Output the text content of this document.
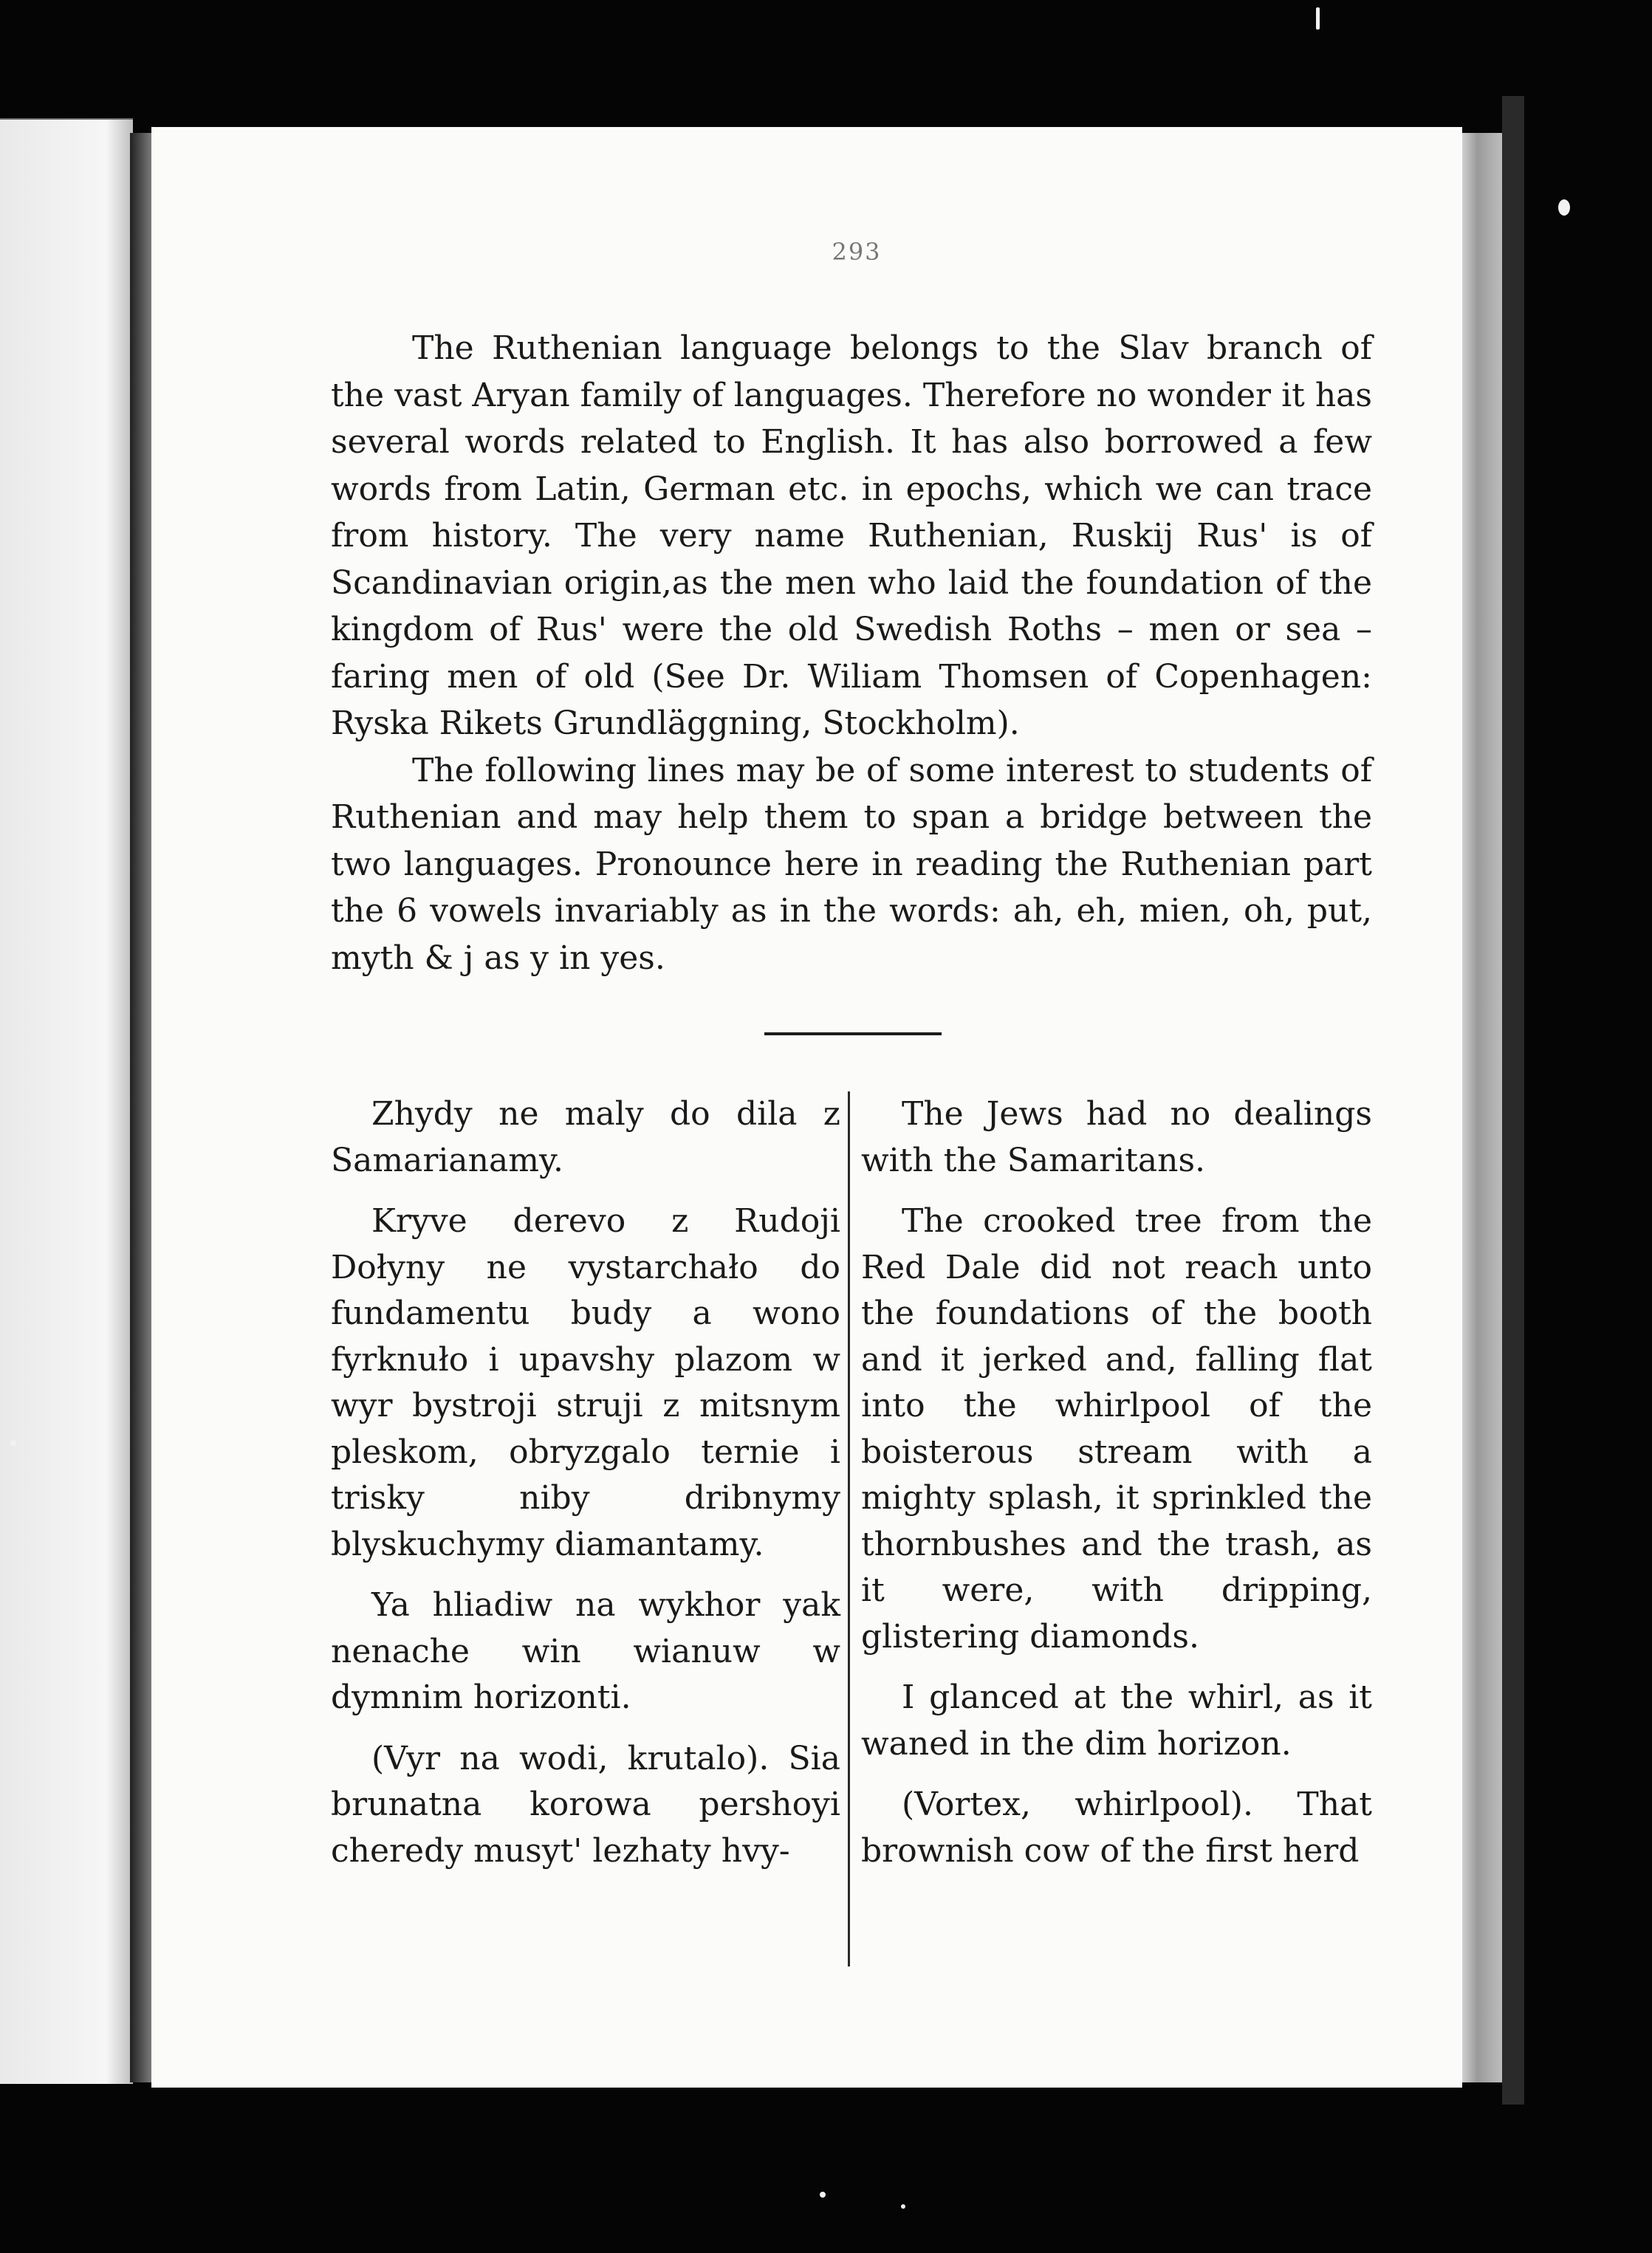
293

The Ruthenian language belongs to the Slav branch of the vast Aryan family of languages. Therefore no wonder it has several words related to English. It has also borrowed a few words from Latin, German etc. in epochs, which we can trace from history. The very name Ruthenian, Ruskij Rus' is of Scandinavian origin,as the men who laid the foundation of the kingdom of Rus' were the old Swedish Roths – men or sea – faring men of old (See Dr. Wiliam Thomsen of Copenhagen: Ryska Rikets Grundläggning, Stockholm).

The following lines may be of some interest to students of Ruthenian and may help them to span a bridge between the two languages. Pronounce here in reading the Ruthenian part the 6 vowels invariably as in the words: ah, eh, mien, oh, put, myth & j as y in yes.

Zhydy ne maly do dila z Samarianamy.

Kryve derevo z Rudoji Dołyny ne vystarchało do fundamentu budy a wono fyrknuło i upavshy plazom w wyr bystroji struji z mitsnym pleskom, obryzgalo ternie i trisky niby dribnymy blyskuchymy diamantamy.

Ya hliadiw na wykhor yak nenache win wianuw w dymnim horizonti.

(Vyr na wodi, krutalo). Sia brunatna korowa pershoyi cheredy musyt' lezhaty hvy-

The Jews had no dealings with the Samaritans.

The crooked tree from the Red Dale did not reach unto the foundations of the booth and it jerked and, falling flat into the whirlpool of the boisterous stream with a mighty splash, it sprinkled the thornbushes and the trash, as it were, with dripping, glistering diamonds.

I glanced at the whirl, as it waned in the dim horizon.

(Vortex, whirlpool). That brownish cow of the first herd
